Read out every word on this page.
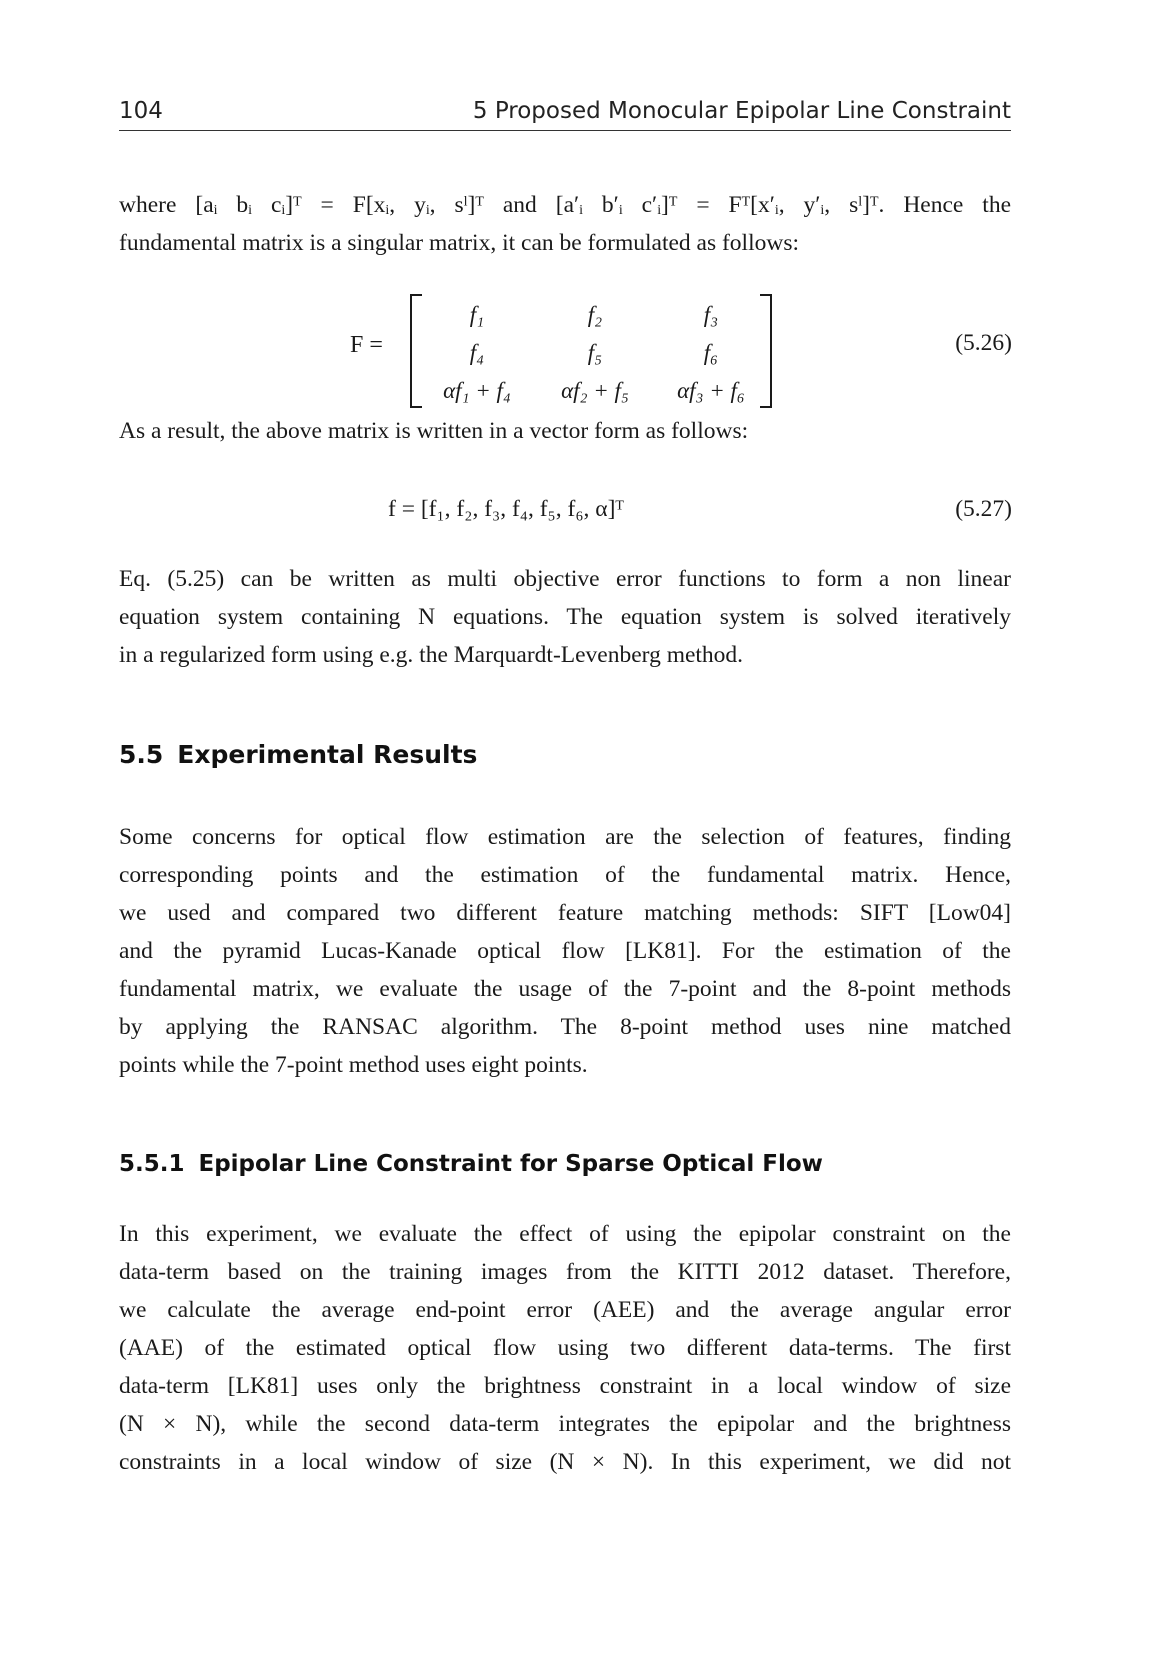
104	5 Proposed Monocular Epipolar Line Constraint

where [aᵢ bᵢ cᵢ]ᵀ = F[xᵢ, yᵢ, sˡ]ᵀ and [a′ᵢ b′ᵢ c′ᵢ]ᵀ = Fᵀ[x′ᵢ, y′ᵢ, sˡ]ᵀ. Hence the
fundamental matrix is a singular matrix, it can be formulated as follows:

F =
f₁	f₂	f₃
f₄	f₅	f₆
αf₁ + f₄	αf₂ + f₅	αf₃ + f₆
(5.26)

As a result, the above matrix is written in a vector form as follows:

f = [f₁, f₂, f₃, f₄, f₅, f₆, α]ᵀ	(5.27)

Eq. (5.25) can be written as multi objective error functions to form a non linear
equation system containing N equations. The equation system is solved iteratively
in a regularized form using e.g. the Marquardt-Levenberg method.

5.5 Experimental Results

Some concerns for optical flow estimation are the selection of features, finding
corresponding points and the estimation of the fundamental matrix. Hence,
we used and compared two different feature matching methods: SIFT [Low04]
and the pyramid Lucas-Kanade optical flow [LK81]. For the estimation of the
fundamental matrix, we evaluate the usage of the 7-point and the 8-point methods
by applying the RANSAC algorithm. The 8-point method uses nine matched
points while the 7-point method uses eight points.

5.5.1 Epipolar Line Constraint for Sparse Optical Flow

In this experiment, we evaluate the effect of using the epipolar constraint on the
data-term based on the training images from the KITTI 2012 dataset. Therefore,
we calculate the average end-point error (AEE) and the average angular error
(AAE) of the estimated optical flow using two different data-terms. The first
data-term [LK81] uses only the brightness constraint in a local window of size
(N × N), while the second data-term integrates the epipolar and the brightness
constraints in a local window of size (N × N). In this experiment, we did not
